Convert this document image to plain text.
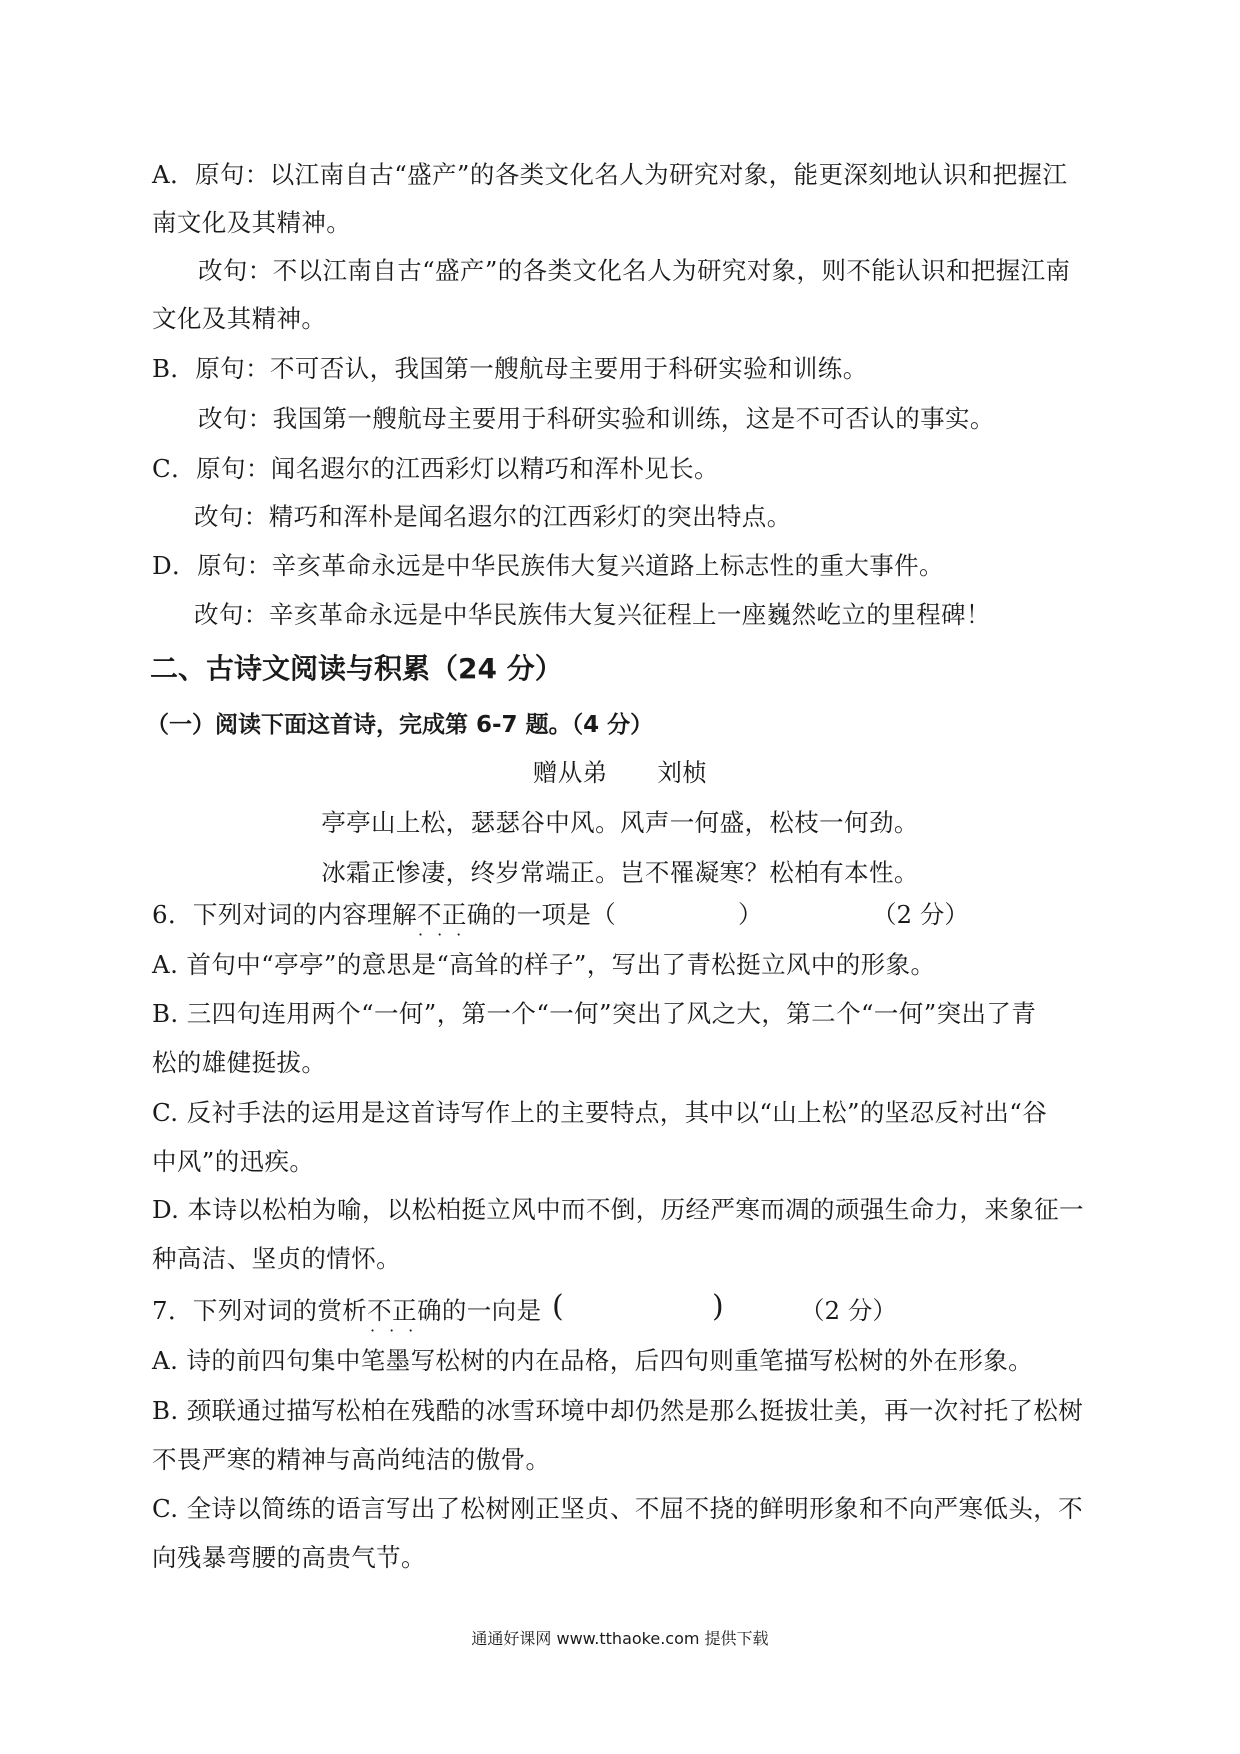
A．原句：以江南自古“盛产”的各类文化名人为研究对象，能更深刻地认识和把握江
南文化及其精神。
改句：不以江南自古“盛产”的各类文化名人为研究对象，则不能认识和把握江南
文化及其精神。
B．原句：不可否认，我国第一艘航母主要用于科研实验和训练。
改句：我国第一艘航母主要用于科研实验和训练，这是不可否认的事实。
C．原句：闻名遐尔的江西彩灯以精巧和浑朴见长。
改句：精巧和浑朴是闻名遐尔的江西彩灯的突出特点。
D．原句：辛亥革命永远是中华民族伟大复兴道路上标志性的重大事件。
改句：辛亥革命永远是中华民族伟大复兴征程上一座巍然屹立的里程碑！
二、古诗文阅读与积累（24 分）
（一）阅读下面这首诗，完成第 6-7 题。（4 分）
赠从弟　　刘桢
亭亭山上松，瑟瑟谷中风。风声一何盛，松枝一何劲。
冰霜正惨凄，终岁常端正。岂不罹凝寒？松柏有本性。
6．下列对词的内容理解不正确的一项是（
···
）	（2 分）
A. 首句中“亭亭”的意思是“高耸的样子”，写出了青松挺立风中的形象。
B. 三四句连用两个“一何”，第一个“一何”突出了风之大，第二个“一何”突出了青
松的雄健挺拔。
C. 反衬手法的运用是这首诗写作上的主要特点，其中以“山上松”的坚忍反衬出“谷
中风”的迅疾。
D. 本诗以松柏为喻，以松柏挺立风中而不倒，历经严寒而凋的顽强生命力，来象征一
种高洁、坚贞的情怀。
7．下列对词的赏析不正确的一向是
···
(	)	（2 分）
A. 诗的前四句集中笔墨写松树的内在品格，后四句则重笔描写松树的外在形象。
B. 颈联通过描写松柏在残酷的冰雪环境中却仍然是那么挺拔壮美，再一次衬托了松树
不畏严寒的精神与高尚纯洁的傲骨。
C. 全诗以简练的语言写出了松树刚正坚贞、不屈不挠的鲜明形象和不向严寒低头，不
向残暴弯腰的高贵气节。
通通好课网 www.tthaoke.com 提供下载
